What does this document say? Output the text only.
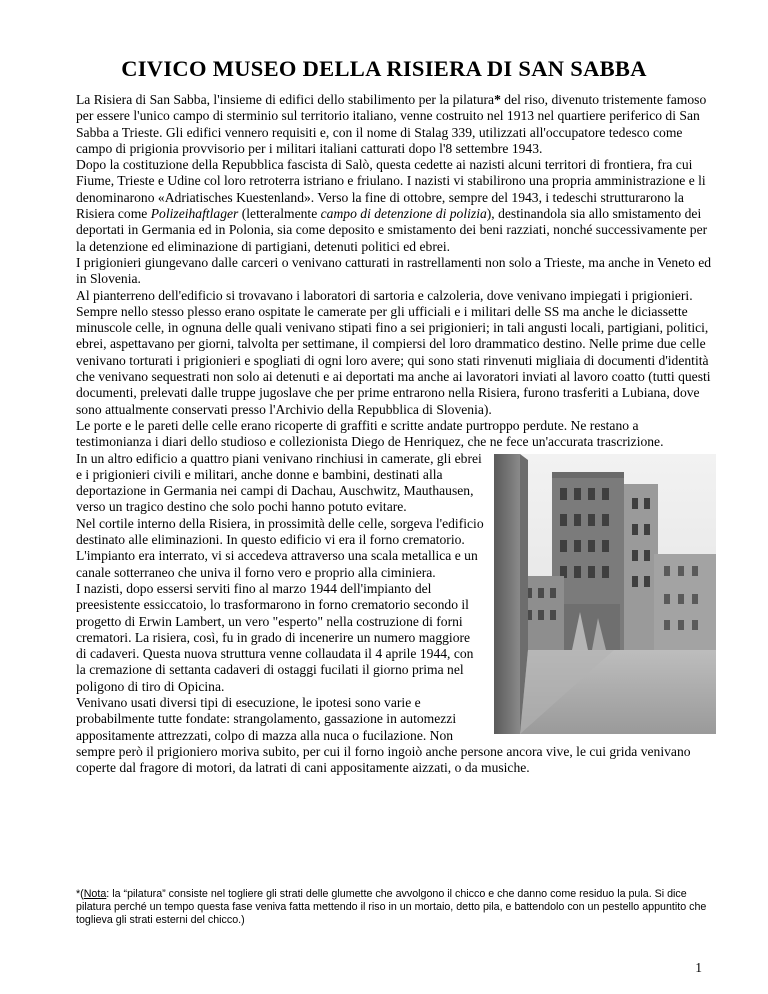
CIVICO MUSEO DELLA RISIERA DI SAN SABBA

La Risiera di San Sabba, l'insieme di edifici dello stabilimento per la pilatura* del riso, divenuto tristemente famoso per essere l'unico campo di sterminio sul territorio italiano, venne costruito nel 1913 nel quartiere periferico di San Sabba a Trieste. Gli edifici vennero requisiti e, con il nome di Stalag 339, utilizzati all'occupatore tedesco come campo di prigionia provvisorio per i militari italiani catturati dopo l'8 settembre 1943.

Dopo la costituzione della Repubblica fascista di Salò, questa cedette ai nazisti alcuni territori di frontiera, fra cui Fiume, Trieste e Udine col loro retroterra istriano e friulano. I nazisti vi stabilirono una propria amministrazione e li denominarono «Adriatisches Kuestenland». Verso la fine di ottobre, sempre del 1943, i tedeschi strutturarono la Risiera come Polizeihaftlager (letteralmente campo di detenzione di polizia), destinandola sia allo smistamento dei deportati in Germania ed in Polonia, sia come deposito e smistamento dei beni razziati, nonché successivamente per la detenzione ed eliminazione di partigiani, detenuti politici ed ebrei.

I prigionieri giungevano dalle carceri o venivano catturati in rastrellamenti non solo a Trieste, ma anche in Veneto ed in Slovenia.

Al pianterreno dell'edificio si trovavano i laboratori di sartoria e calzoleria, dove venivano impiegati i prigionieri. Sempre nello stesso plesso erano ospitate le camerate per gli ufficiali e i militari delle SS ma anche le diciassette minuscole celle, in ognuna delle quali venivano stipati fino a sei prigionieri; in tali angusti locali, partigiani, politici, ebrei, aspettavano per giorni, talvolta per settimane, il compiersi del loro drammatico destino. Nelle prime due celle venivano torturati i prigionieri e spogliati di ogni loro avere; qui sono stati rinvenuti migliaia di documenti d'identità che venivano sequestrati non solo ai detenuti e ai deportati ma anche ai lavoratori inviati al lavoro coatto (tutti questi documenti, prelevati dalle truppe jugoslave che per prime entrarono nella Risiera, furono trasferiti a Lubiana, dove sono attualmente conservati presso l'Archivio della Repubblica di Slovenia).

Le porte e le pareti delle celle erano ricoperte di graffiti e scritte andate purtroppo perdute. Ne restano a testimonianza i diari dello studioso e collezionista Diego de Henriquez, che ne fece un'accurata trascrizione.

In un altro edificio a quattro piani venivano rinchiusi in camerate, gli ebrei e i prigionieri civili e militari, anche donne e bambini, destinati alla deportazione in Germania nei campi di Dachau, Auschwitz, Mauthausen, verso un tragico destino che solo pochi hanno potuto evitare.

Nel cortile interno della Risiera, in prossimità delle celle, sorgeva l'edificio destinato alle eliminazioni. In questo edificio vi era il forno crematorio. L'impianto era interrato, vi si accedeva attraverso una scala metallica e un canale sotterraneo che univa il forno vero e proprio alla ciminiera.

I nazisti, dopo essersi serviti fino al marzo 1944 dell'impianto del preesistente essiccatoio, lo trasformarono in forno crematorio secondo il progetto di Erwin Lambert, un vero "esperto" nella costruzione di forni crematori. La risiera, così, fu in grado di incenerire un numero maggiore di cadaveri. Questa nuova struttura venne collaudata il 4 aprile 1944, con la cremazione di settanta cadaveri di ostaggi fucilati il giorno prima nel poligono di tiro di Opicina.

Venivano usati diversi tipi di esecuzione, le ipotesi sono varie e probabilmente tutte fondate: strangolamento, gassazione in automezzi appositamente attrezzati, colpo di mazza alla nuca o fucilazione. Non sempre però il prigioniero moriva subito, per cui il forno ingoiò anche persone ancora vive, le cui grida venivano coperte dal fragore di motori, da latrati di cani appositamente aizzati, o da musiche.

*(Nota: la “pilatura” consiste nel togliere gli strati delle glumette che avvolgono il chicco e che danno come residuo la pula. Si dice pilatura perché un tempo questa fase veniva fatta mettendo il riso in un mortaio, detto pila, e battendolo con un pestello appuntito che toglieva gli strati esterni del chicco.)

1
